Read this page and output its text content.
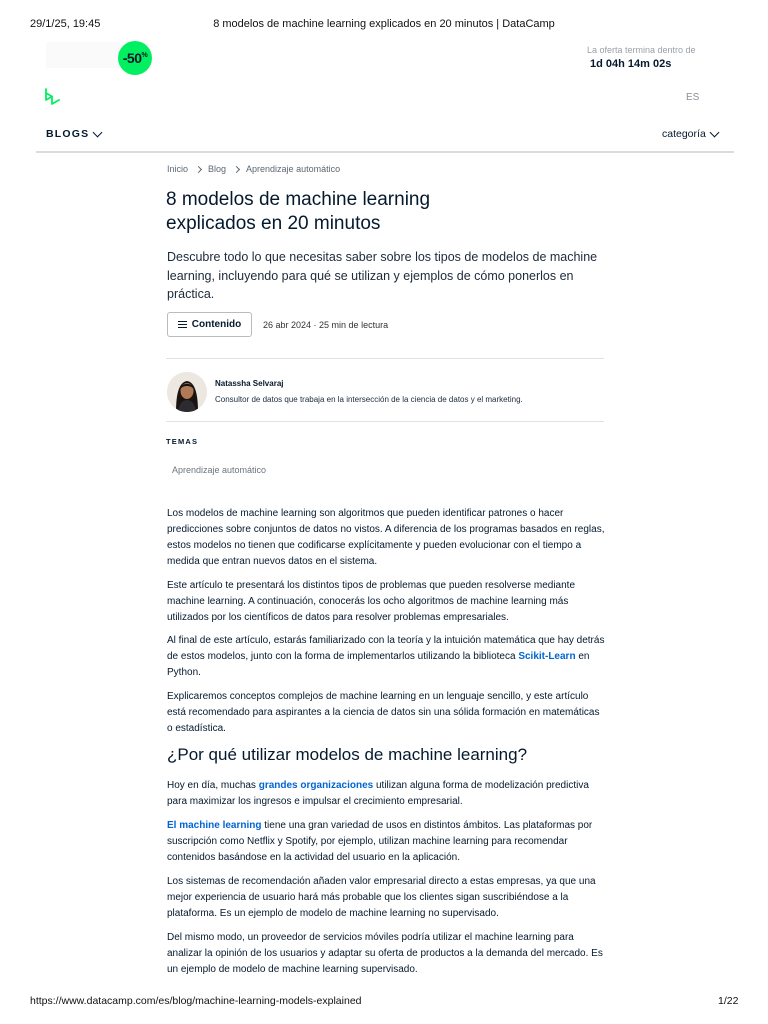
29/1/25, 19:45	8 modelos de machine learning explicados en 20 minutos | DataCamp
-50%	La oferta termina dentro de
1d 04h 14m 02s
ES
BLOGS	categoría
Inicio Blog Aprendizaje automático
8 modelos de machine learning explicados en 20 minutos

Descubre todo lo que necesitas saber sobre los tipos de modelos de machine learning, incluyendo para qué se utilizan y ejemplos de cómo ponerlos en práctica.

Contenido 26 abr 2024 · 25 min de lectura
Natassha Selvaraj
Consultor de datos que trabaja en la intersección de la ciencia de datos y el marketing.
TEMAS
Aprendizaje automático

Los modelos de machine learning son algoritmos que pueden identificar patrones o hacer predicciones sobre conjuntos de datos no vistos. A diferencia de los programas basados en reglas, estos modelos no tienen que codificarse explícitamente y pueden evolucionar con el tiempo a medida que entran nuevos datos en el sistema.

Este artículo te presentará los distintos tipos de problemas que pueden resolverse mediante machine learning. A continuación, conocerás los ocho algoritmos de machine learning más utilizados por los científicos de datos para resolver problemas empresariales.

Al final de este artículo, estarás familiarizado con la teoría y la intuición matemática que hay detrás de estos modelos, junto con la forma de implementarlos utilizando la biblioteca Scikit-Learn en Python.

Explicaremos conceptos complejos de machine learning en un lenguaje sencillo, y este artículo está recomendado para aspirantes a la ciencia de datos sin una sólida formación en matemáticas o estadística.

¿Por qué utilizar modelos de machine learning?

Hoy en día, muchas grandes organizaciones utilizan alguna forma de modelización predictiva para maximizar los ingresos e impulsar el crecimiento empresarial.

El machine learning tiene una gran variedad de usos en distintos ámbitos. Las plataformas por suscripción como Netflix y Spotify, por ejemplo, utilizan machine learning para recomendar contenidos basándose en la actividad del usuario en la aplicación.

Los sistemas de recomendación añaden valor empresarial directo a estas empresas, ya que una mejor experiencia de usuario hará más probable que los clientes sigan suscribiéndose a la plataforma. Es un ejemplo de modelo de machine learning no supervisado.

Del mismo modo, un proveedor de servicios móviles podría utilizar el machine learning para analizar la opinión de los usuarios y adaptar su oferta de productos a la demanda del mercado. Es un ejemplo de modelo de machine learning supervisado.

https://www.datacamp.com/es/blog/machine-learning-models-explained	1/22
